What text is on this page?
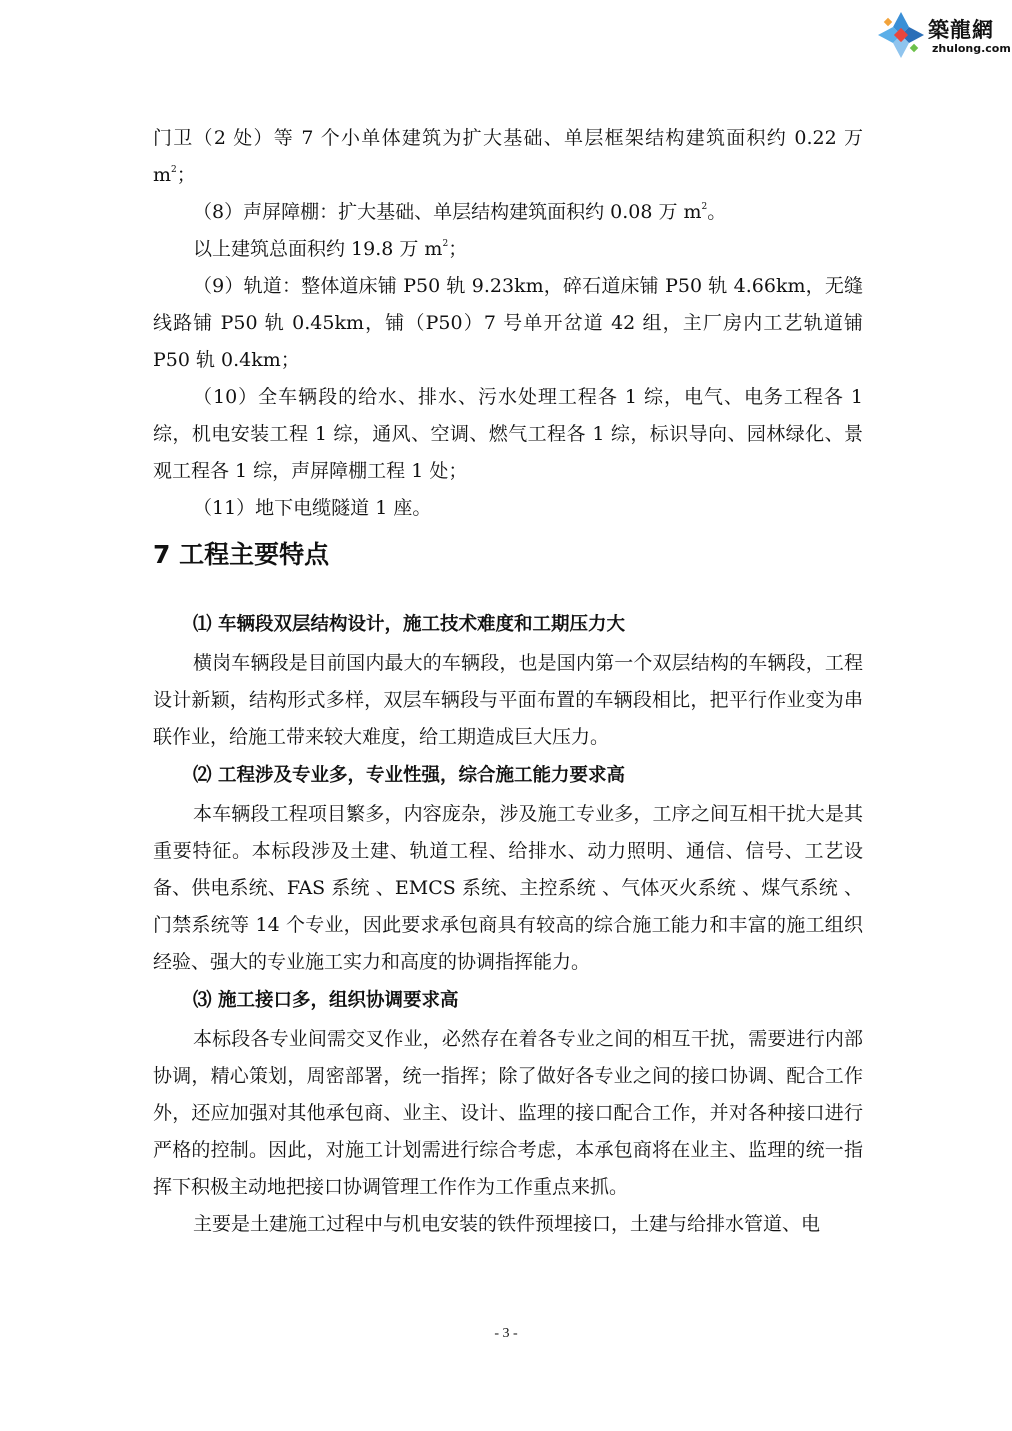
築龍網
zhulong.com

门卫（2 处）等 7 个小单体建筑为扩大基础、单层框架结构建筑面积约 0.22 万 $m^2$；

（8）声屏障棚：扩大基础、单层结构建筑面积约 0.08 万 $m^2$。

以上建筑总面积约 19.8 万 $m^2$；

（9）轨道：整体道床铺 P50 轨 9.23km，碎石道床铺 P50 轨 4.66km，无缝线路铺 P50 轨 0.45km，铺（P50）7 号单开岔道 42 组，主厂房内工艺轨道铺 P50 轨 0.4km；

（10）全车辆段的给水、排水、污水处理工程各 1 综，电气、电务工程各 1 综，机电安装工程 1 综，通风、空调、燃气工程各 1 综，标识导向、园林绿化、景观工程各 1 综，声屏障棚工程 1 处；

（11）地下电缆隧道 1 座。

7 工程主要特点
⑴ 车辆段双层结构设计，施工技术难度和工期压力大

横岗车辆段是目前国内最大的车辆段，也是国内第一个双层结构的车辆段，工程设计新颖，结构形式多样，双层车辆段与平面布置的车辆段相比，把平行作业变为串联作业，给施工带来较大难度，给工期造成巨大压力。

⑵ 工程涉及专业多，专业性强，综合施工能力要求高

本车辆段工程项目繁多，内容庞杂，涉及施工专业多，工序之间互相干扰大是其重要特征。本标段涉及土建、轨道工程、给排水、动力照明、通信、信号、工艺设备、供电系统、FAS 系统 、EMCS 系统、主控系统 、气体灭火系统 、煤气系统 、门禁系统等 14 个专业，因此要求承包商具有较高的综合施工能力和丰富的施工组织经验、强大的专业施工实力和高度的协调指挥能力。

⑶ 施工接口多，组织协调要求高

本标段各专业间需交叉作业，必然存在着各专业之间的相互干扰，需要进行内部协调，精心策划，周密部署，统一指挥；除了做好各专业之间的接口协调、配合工作外，还应加强对其他承包商、业主、设计、监理的接口配合工作，并对各种接口进行严格的控制。因此，对施工计划需进行综合考虑，本承包商将在业主、监理的统一指挥下积极主动地把接口协调管理工作作为工作重点来抓。

主要是土建施工过程中与机电安装的铁件预埋接口，土建与给排水管道、电

- 3 -
